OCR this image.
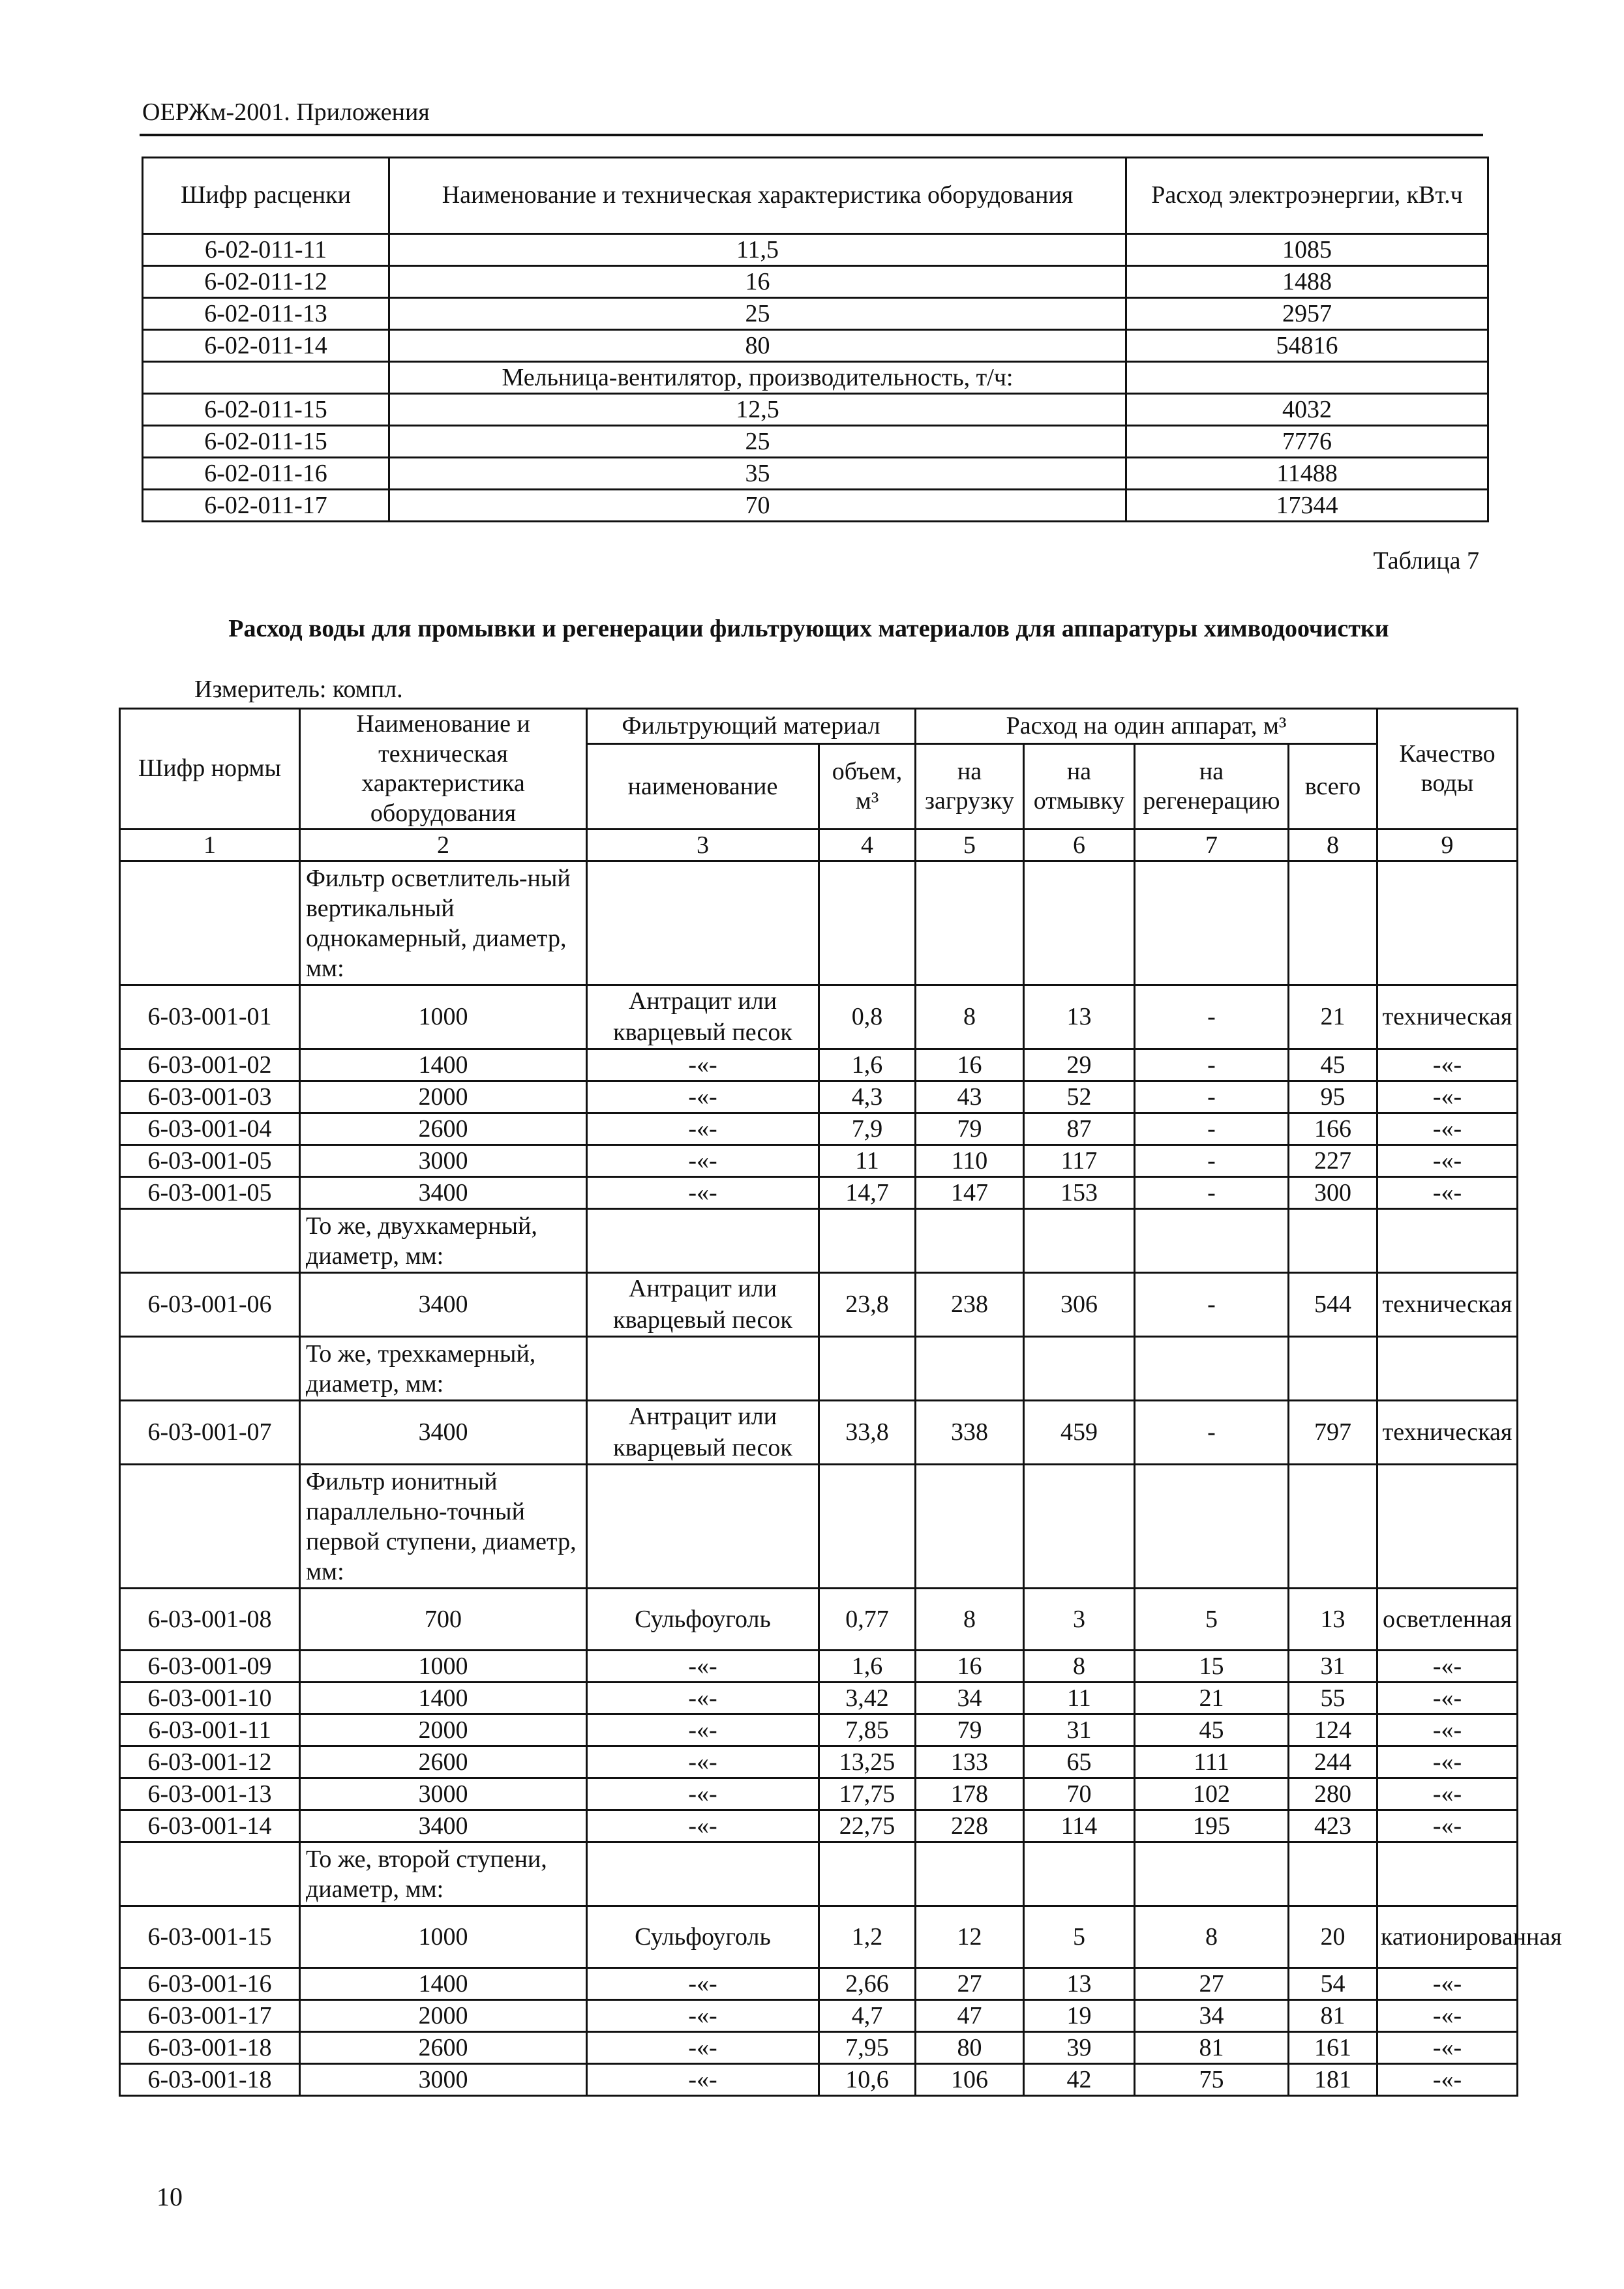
ОЕРЖм-2001. Приложения
Шифр расценки	Наименование и техническая характеристика оборудования	Расход электроэнергии, кВт.ч
6-02-011-11	11,5	1085
6-02-011-12	16	1488
6-02-011-13	25	2957
6-02-011-14	80	54816
	Мельница-вентилятор, производительность, т/ч:	
6-02-011-15	12,5	4032
6-02-011-15	25	7776
6-02-011-16	35	11488
6-02-011-17	70	17344
Таблица 7
Расход воды для промывки и регенерации фильтрующих материалов для аппаратуры химводоочистки
Измеритель: компл.
Шифр нормы	Наименование и техническая характеристика оборудования	Фильтрующий материал		Расход на один аппарат, м³				Качество воды
		наименование	объем, м³	на загрузку	на отмывку	на регенерацию	всего	
1	2	3	4	5	6	7	8	9
	Фильтр осветлитель-ный вертикальный однокамерный, диаметр, мм:							
6-03-001-01	1000	Антрацит или кварцевый песок	0,8	8	13	-	21	техническая
6-03-001-02	1400	-«-	1,6	16	29	-	45	-«-
6-03-001-03	2000	-«-	4,3	43	52	-	95	-«-
6-03-001-04	2600	-«-	7,9	79	87	-	166	-«-
6-03-001-05	3000	-«-	11	110	117	-	227	-«-
6-03-001-05	3400	-«-	14,7	147	153	-	300	-«-
	То же, двухкамерный, диаметр, мм:							
6-03-001-06	3400	Антрацит или кварцевый песок	23,8	238	306	-	544	техническая
	То же, трехкамерный, диаметр, мм:							
6-03-001-07	3400	Антрацит или кварцевый песок	33,8	338	459	-	797	техническая
	Фильтр ионитный параллельно-точный первой ступени, диаметр, мм:							
6-03-001-08	700	Сульфоуголь	0,77	8	3	5	13	осветленная
6-03-001-09	1000	-«-	1,6	16	8	15	31	-«-
6-03-001-10	1400	-«-	3,42	34	11	21	55	-«-
6-03-001-11	2000	-«-	7,85	79	31	45	124	-«-
6-03-001-12	2600	-«-	13,25	133	65	111	244	-«-
6-03-001-13	3000	-«-	17,75	178	70	102	280	-«-
6-03-001-14	3400	-«-	22,75	228	114	195	423	-«-
	То же, второй ступени, диаметр, мм:							
6-03-001-15	1000	Сульфоуголь	1,2	12	5	8	20	катионированная
6-03-001-16	1400	-«-	2,66	27	13	27	54	-«-
6-03-001-17	2000	-«-	4,7	47	19	34	81	-«-
6-03-001-18	2600	-«-	7,95	80	39	81	161	-«-
6-03-001-18	3000	-«-	10,6	106	42	75	181	-«-
10
